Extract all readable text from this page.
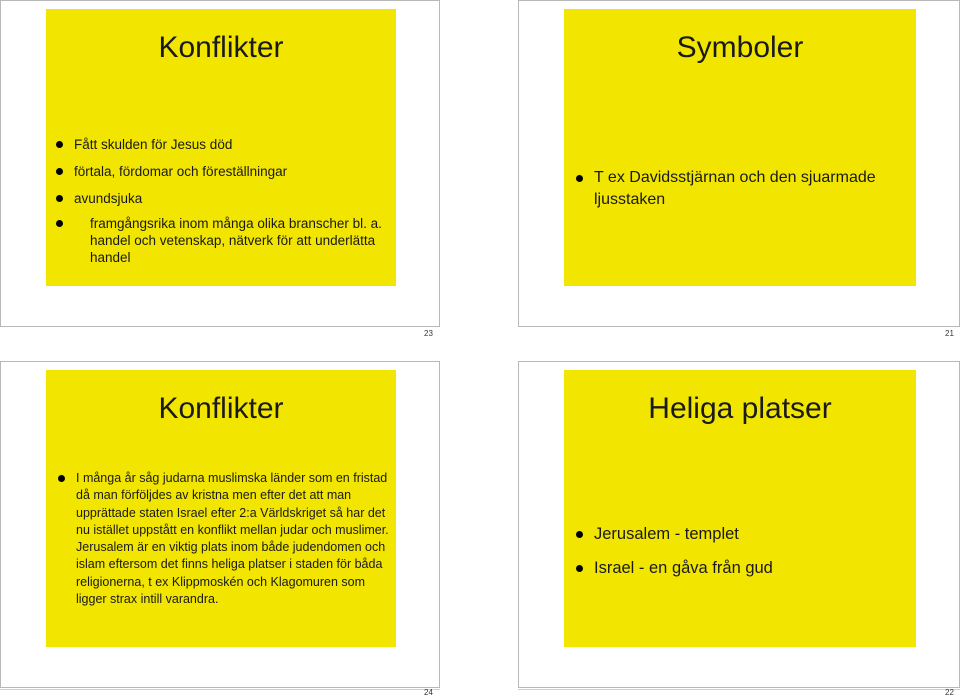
Konflikter
Fått skulden för Jesus död
förtala, fördomar och föreställningar
avundsjuka
framgångsrika inom många olika branscher bl. a. handel och vetenskap, nätverk för att underlätta handel
23
Symboler
T ex Davidsstjärnan och den sjuarmade ljusstaken
21
Konflikter
I många år såg judarna muslimska länder som en fristad då man förföljdes av kristna men efter det att man upprättade staten Israel efter 2:a Världskriget så har det nu istället uppstått en konflikt mellan judar och muslimer. Jerusalem är en viktig plats inom både judendomen och islam eftersom det finns heliga platser i staden för båda religionerna, t ex Klippmoskén och Klagomuren som ligger strax intill varandra.
24
Heliga platser
Jerusalem - templet
Israel - en gåva från gud
22
